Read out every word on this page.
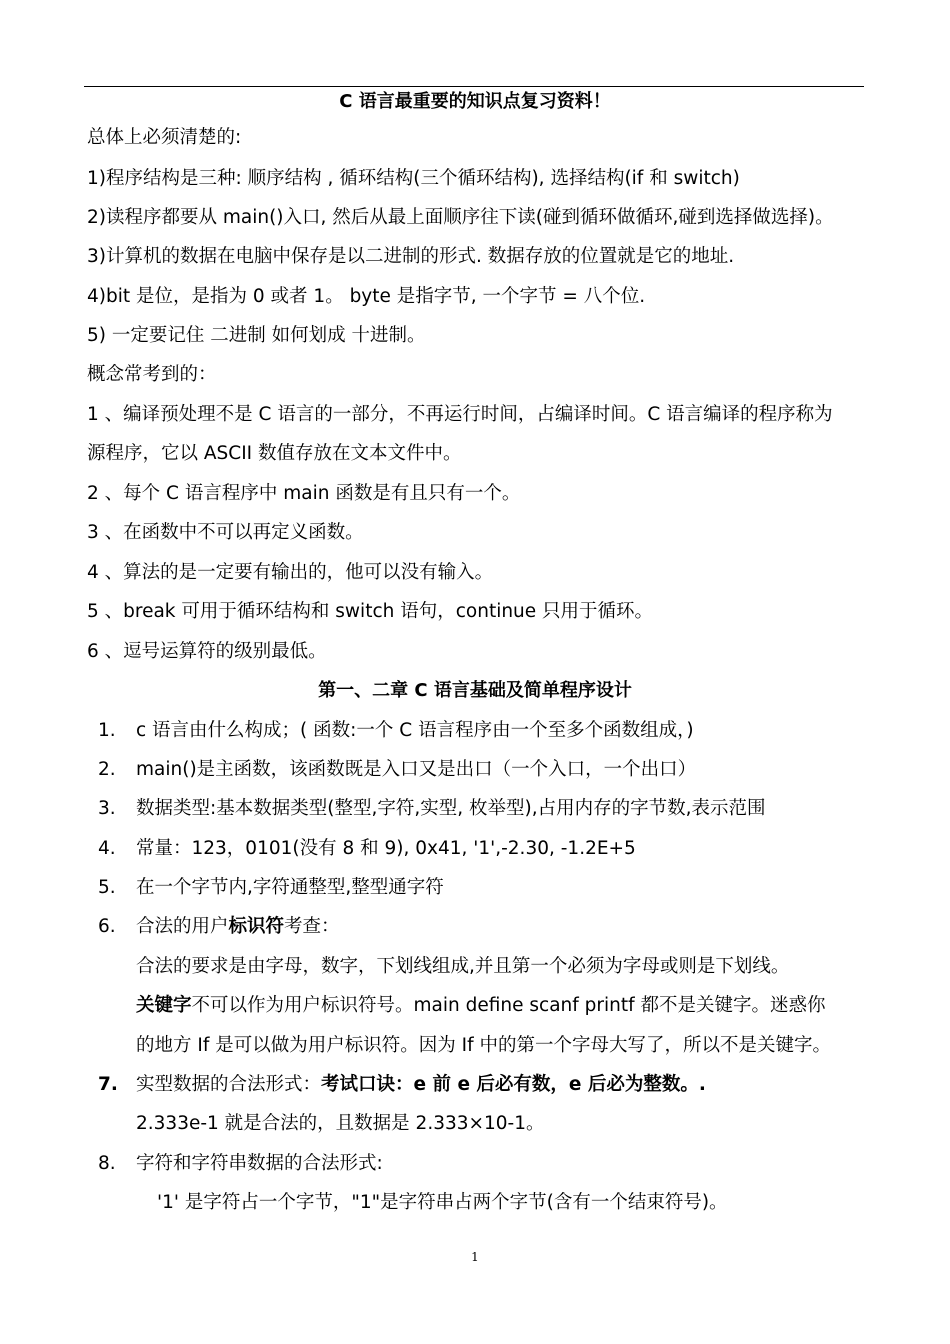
C 语言最重要的知识点复习资料！
总体上必须清楚的:
1)程序结构是三种: 顺序结构 , 循环结构(三个循环结构), 选择结构(if 和 switch)
2)读程序都要从 main()入口, 然后从最上面顺序往下读(碰到循环做循环,碰到选择做选择)。
3)计算机的数据在电脑中保存是以二进制的形式. 数据存放的位置就是它的地址.
4)bit 是位，是指为 0 或者 1。 byte 是指字节, 一个字节 = 八个位.
5) 一定要记住 二进制 如何划成 十进制。
概念常考到的：
1 、编译预处理不是 C 语言的一部分，不再运行时间，占编译时间。C 语言编译的程序称为
源程序，它以 ASCII 数值存放在文本文件中。
2 、每个 C 语言程序中 main 函数是有且只有一个。
3 、在函数中不可以再定义函数。
4 、算法的是一定要有输出的，他可以没有输入。
5 、break 可用于循环结构和 switch 语句，continue 只用于循环。
6 、逗号运算符的级别最低。
第一、二章 C 语言基础及简单程序设计
1.	c 语言由什么构成；( 函数:一个 C 语言程序由一个至多个函数组成，)
2.	main()是主函数，该函数既是入口又是出口（一个入口，一个出口）
3.	数据类型:基本数据类型(整型,字符,实型, 枚举型),占用内存的字节数,表示范围
4.	常量：123，0101(没有 8 和 9), 0x41, '1',-2.30, -1.2E+5
5.	在一个字节内,字符通整型,整型通字符
6.	合法的用户标识符考查：
合法的要求是由字母，数字，下划线组成,并且第一个必须为字母或则是下划线。
关键字不可以作为用户标识符号。main define scanf printf 都不是关键字。迷惑你
的地方 If 是可以做为用户标识符。因为 If 中的第一个字母大写了，所以不是关键字。
7. 实型数据的合法形式：考试口诀：e 前 e 后必有数，e 后必为整数。.
2.333e-1 就是合法的，且数据是 2.333×10-1。
8.	字符和字符串数据的合法形式:
'1' 是字符占一个字节，"1"是字符串占两个字节(含有一个结束符号)。
1
